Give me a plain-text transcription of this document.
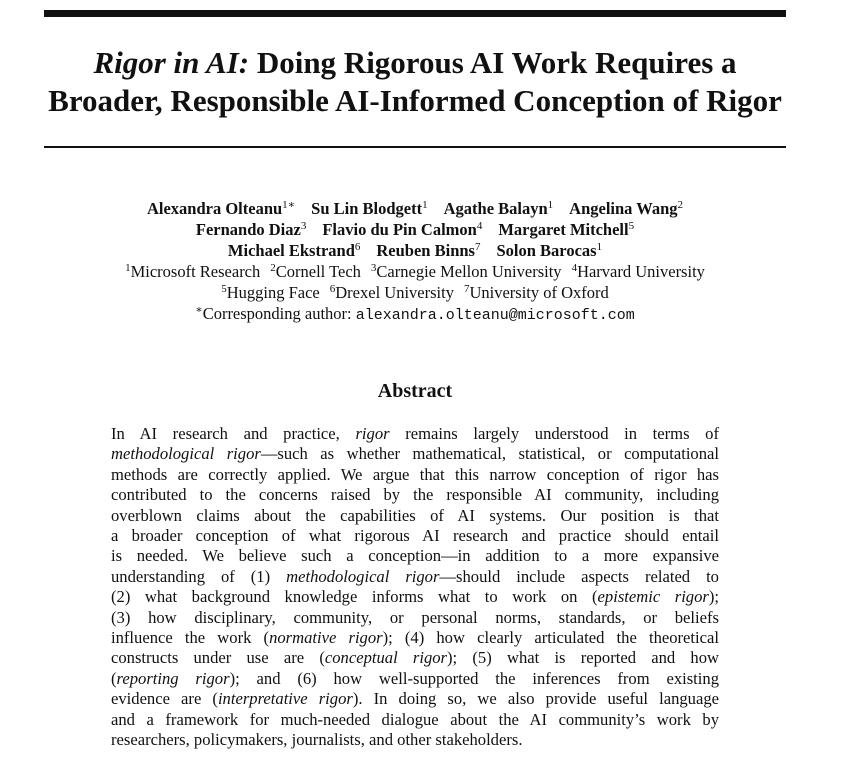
Rigor in AI: Doing Rigorous AI Work Requires a
Broader, Responsible AI-Informed Conception of Rigor
Alexandra Olteanu$^{1∗}$ Su Lin Blodgett$^1$ Agathe Balayn$^1$ Angelina Wang$^2$
Fernando Diaz$^3$ Flavio du Pin Calmon$^4$ Margaret Mitchell$^5$
Michael Ekstrand$^6$ Reuben Binns$^7$ Solon Barocas$^1$
$^1$Microsoft Research $^2$Cornell Tech $^3$Carnegie Mellon University $^4$Harvard University
$^5$Hugging Face $^6$Drexel University $^7$University of Oxford
∗Corresponding author: alexandra.olteanu@microsoft.com
Abstract
In AI research and practice, rigor remains largely understood in terms of
methodological rigor—such as whether mathematical, statistical, or computational
methods are correctly applied. We argue that this narrow conception of rigor has
contributed to the concerns raised by the responsible AI community, including
overblown claims about the capabilities of AI systems. Our position is that
a broader conception of what rigorous AI research and practice should entail
is needed. We believe such a conception—in addition to a more expansive
understanding of (1) methodological rigor—should include aspects related to
(2) what background knowledge informs what to work on (epistemic rigor);
(3) how disciplinary, community, or personal norms, standards, or beliefs
influence the work (normative rigor); (4) how clearly articulated the theoretical
constructs under use are (conceptual rigor); (5) what is reported and how
(reporting rigor); and (6) how well-supported the inferences from existing
evidence are (interpretative rigor). In doing so, we also provide useful language
and a framework for much-needed dialogue about the AI community’s work by
researchers, policymakers, journalists, and other stakeholders.
